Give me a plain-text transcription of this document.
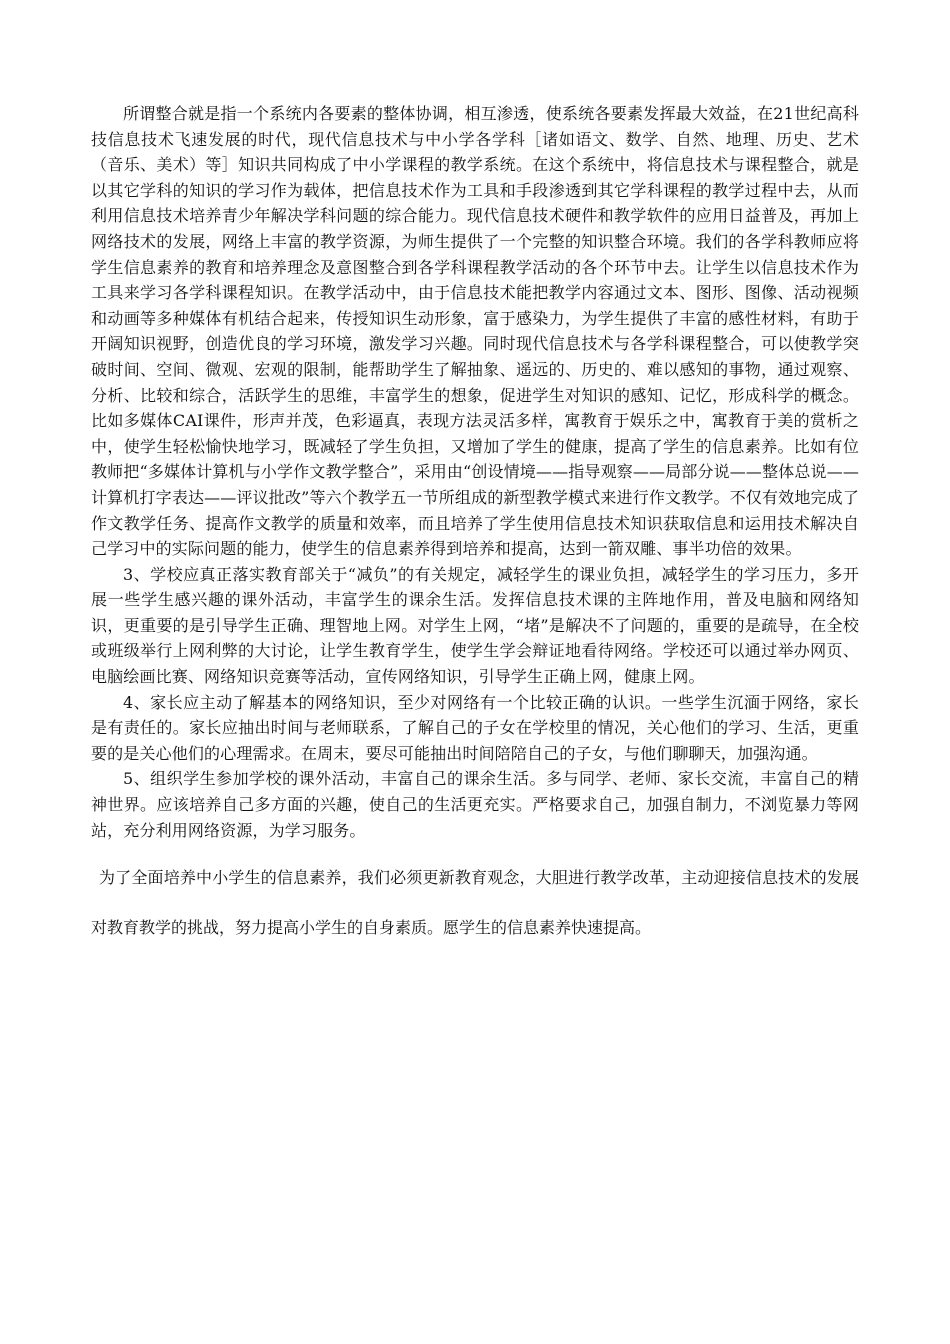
所谓整合就是指一个系统内各要素的整体协调，相互渗透，使系统各要素发挥最大效益，在21世纪高科技信息技术飞速发展的时代，现代信息技术与中小学各学科［诸如语文、数学、自然、地理、历史、艺术（音乐、美术）等］知识共同构成了中小学课程的教学系统。在这个系统中，将信息技术与课程整合，就是以其它学科的知识的学习作为载体，把信息技术作为工具和手段渗透到其它学科课程的教学过程中去，从而利用信息技术培养青少年解决学科问题的综合能力。现代信息技术硬件和教学软件的应用日益普及，再加上网络技术的发展，网络上丰富的教学资源，为师生提供了一个完整的知识整合环境。我们的各学科教师应将学生信息素养的教育和培养理念及意图整合到各学科课程教学活动的各个环节中去。让学生以信息技术作为工具来学习各学科课程知识。在教学活动中，由于信息技术能把教学内容通过文本、图形、图像、活动视频和动画等多种媒体有机结合起来，传授知识生动形象，富于感染力，为学生提供了丰富的感性材料，有助于开阔知识视野，创造优良的学习环境，激发学习兴趣。同时现代信息技术与各学科课程整合，可以使教学突破时间、空间、微观、宏观的限制，能帮助学生了解抽象、遥远的、历史的、难以感知的事物，通过观察、分析、比较和综合，活跃学生的思维，丰富学生的想象，促进学生对知识的感知、记忆，形成科学的概念。比如多媒体CAI课件，形声并茂，色彩逼真，表现方法灵活多样，寓教育于娱乐之中，寓教育于美的赏析之中，使学生轻松愉快地学习，既减轻了学生负担，又增加了学生的健康，提高了学生的信息素养。比如有位教师把“多媒体计算机与小学作文教学整合”，采用由“创设情境——指导观察——局部分说——整体总说——计算机打字表达——评议批改”等六个教学五一节所组成的新型教学模式来进行作文教学。不仅有效地完成了作文教学任务、提高作文教学的质量和效率，而且培养了学生使用信息技术知识获取信息和运用技术解决自己学习中的实际问题的能力，使学生的信息素养得到培养和提高，达到一箭双雕、事半功倍的效果。

3、学校应真正落实教育部关于“减负”的有关规定，减轻学生的课业负担，减轻学生的学习压力，多开展一些学生感兴趣的课外活动，丰富学生的课余生活。发挥信息技术课的主阵地作用，普及电脑和网络知识，更重要的是引导学生正确、理智地上网。对学生上网，“堵”是解决不了问题的，重要的是疏导，在全校或班级举行上网利弊的大讨论，让学生教育学生，使学生学会辩证地看待网络。学校还可以通过举办网页、电脑绘画比赛、网络知识竞赛等活动，宣传网络知识，引导学生正确上网，健康上网。

4、家长应主动了解基本的网络知识，至少对网络有一个比较正确的认识。一些学生沉湎于网络，家长是有责任的。家长应抽出时间与老师联系，了解自己的子女在学校里的情况，关心他们的学习、生活，更重要的是关心他们的心理需求。在周末，要尽可能抽出时间陪陪自己的子女，与他们聊聊天，加强沟通。

5、组织学生参加学校的课外活动，丰富自己的课余生活。多与同学、老师、家长交流，丰富自己的精神世界。应该培养自己多方面的兴趣，使自己的生活更充实。严格要求自己，加强自制力，不浏览暴力等网站，充分利用网络资源，为学习服务。

为了全面培养中小学生的信息素养，我们必须更新教育观念，大胆进行教学改革，主动迎接信息技术的发展对教育教学的挑战，努力提高小学生的自身素质。愿学生的信息素养快速提高。
